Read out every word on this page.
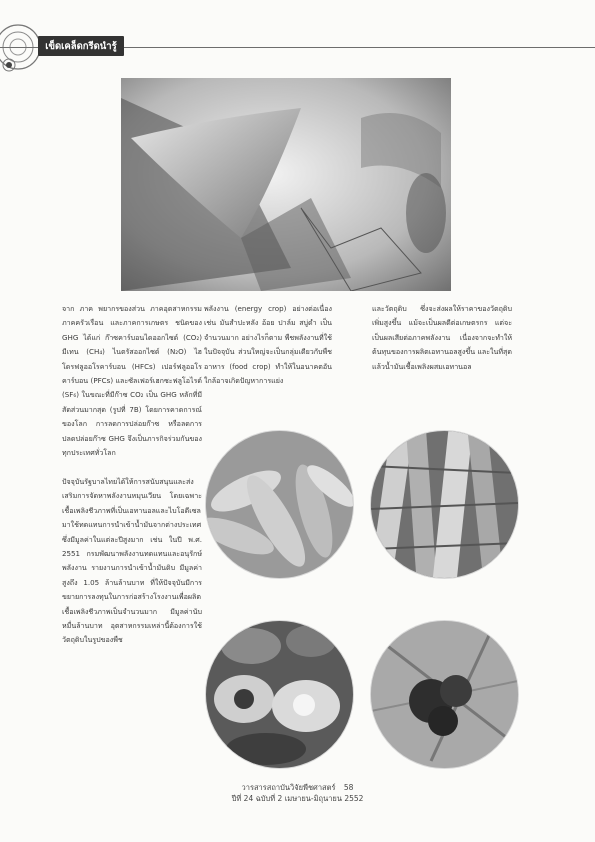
เข็ดเคล็ดกรีดนำรู้
จาก ภาค พยากรของส่วน ภาคอุตสาหกรรม ภาคครัวเรือน และภาคการเกษตร ชนิดของ GHG ได้แก่ ก๊าซคาร์บอนไดออกไซด์ (CO₂) มีเทน (CH₄) ไนตรัสออกไซด์ (N₂O) ไฮโดรฟลูออโรคาร์บอน (HFCs) เปอร์ฟลูออโรคาร์บอน (PFCs) และซัลเฟอร์เฮกซะฟลูโอไรด์ (SF₆) ในขณะที่มีก๊าซ CO₂ เป็น GHG หลักที่มีสัดส่วนมากสุด (รูปที่ 7B) โดยการคาดการณ์ของโลก การลดการปล่อยก๊าซ หรือลดการปลดปล่อยก๊าซ GHG จึงเป็นภารกิจร่วมกันของทุกประเทศทั่วโลก

ปัจจุบันรัฐบาลไทยได้ให้การสนับสนุนและส่งเสริมการจัดหาพลังงานหมุนเวียน โดยเฉพาะเชื้อเพลิงชีวภาพที่เป็นเอทานอลและไบโอดีเซลมาใช้ทดแทนการนำเข้าน้ำมันจากต่างประเทศซึ่งมีมูลค่าในแต่ละปีสูงมาก เช่น ในปี พ.ศ. 2551 กรมพัฒนาพลังงานทดแทนและอนุรักษ์พลังงาน รายงานการนำเข้าน้ำมันดิบ มีมูลค่าสูงถึง 1.05 ล้านล้านบาท ที่ให้ปัจจุบันมีการขยายการลงทุนในการก่อสร้างโรงงานเพื่อผลิตเชื้อเพลิงชีวภาพเป็นจำนวนมาก มีมูลค่านับหมื่นล้านบาท อุตสาหกรรมเหล่านี้ต้องการใช้วัตถุดิบในรูปของพืช
พลังงาน (energy crop) อย่างต่อเนื่องเช่น มันสำปะหลัง อ้อย ปาล์ม สบู่ดำ เป็นจำนวนมาก อย่างไรก็ตาม พืชพลังงานที่ใช้ในปัจจุบัน ส่วนใหญ่จะเป็นกลุ่มเดียวกับพืชอาหาร (food crop) ทำให้ในอนาคตอันใกล้อาจเกิดปัญหาการแย่ง
และวัตถุดิบ ซึ่งจะส่งผลให้ราคาของวัตถุดิบเพิ่มสูงขึ้น แม้จะเป็นผลดีต่อเกษตรกร แต่จะเป็นผลเสียต่อภาคพลังงาน เนื่องจากจะทำให้ต้นทุนของการผลิตเอทานอลสูงขึ้น และในที่สุดแล้วน้ำมันเชื้อเพลิงผสมเอทานอล
วารสารสถาบันวิจัยพืชศาสตร์ 58
ปีที่ 24 ฉบับที่ 2 เมษายน-มิถุนายน 2552
